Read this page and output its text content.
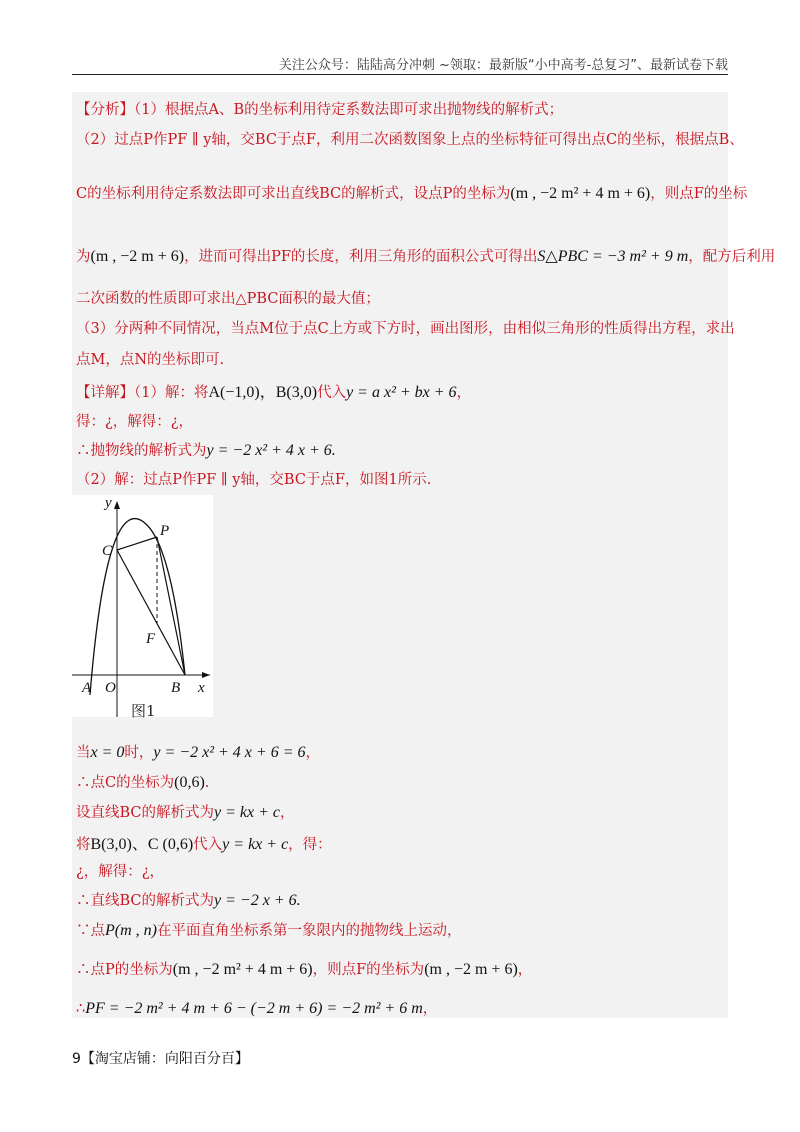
关注公众号：陆陆高分冲刺 ~领取：最新版“小中高考-总复习”、最新试卷下载
【分析】（1）根据点A、B的坐标利用待定系数法即可求出抛物线的解析式；
（2）过点P作PF ∥ y轴，交BC于点F，利用二次函数图象上点的坐标特征可得出点C的坐标，根据点B、
C的坐标利用待定系数法即可求出直线BC的解析式，设点P的坐标为(m , −2 m² + 4 m + 6)，则点F的坐标
为(m , −2 m + 6)，进而可得出PF的长度，利用三角形的面积公式可得出S△PBC = −3 m² + 9 m，配方后利用
二次函数的性质即可求出△PBC面积的最大值；
（3）分两种不同情况，当点M位于点C上方或下方时，画出图形，由相似三角形的性质得出方程，求出
点M，点N的坐标即可.
【详解】（1）解：将A(−1,0)，B(3,0)代入y = a x² + bx + 6，
得：¿，解得：¿，
∴抛物线的解析式为y = −2 x² + 4 x + 6.
（2）解：过点P作PF ∥ y轴，交BC于点F，如图1所示.
C
P
F
A O	B x
y
图1
当x = 0时，y = −2 x² + 4 x + 6 = 6，
∴点C的坐标为(0,6).
设直线BC的解析式为y = kx + c，
将B(3,0)、C (0,6)代入y = kx + c，得：
¿，解得：¿，
∴直线BC的解析式为y = −2 x + 6.
∵点P(m , n)在平面直角坐标系第一象限内的抛物线上运动，
∴点P的坐标为(m , −2 m² + 4 m + 6)，则点F的坐标为(m , −2 m + 6)，
∴PF = −2 m² + 4 m + 6 − (−2 m + 6) = −2 m² + 6 m，
9【淘宝店铺：向阳百分百】
